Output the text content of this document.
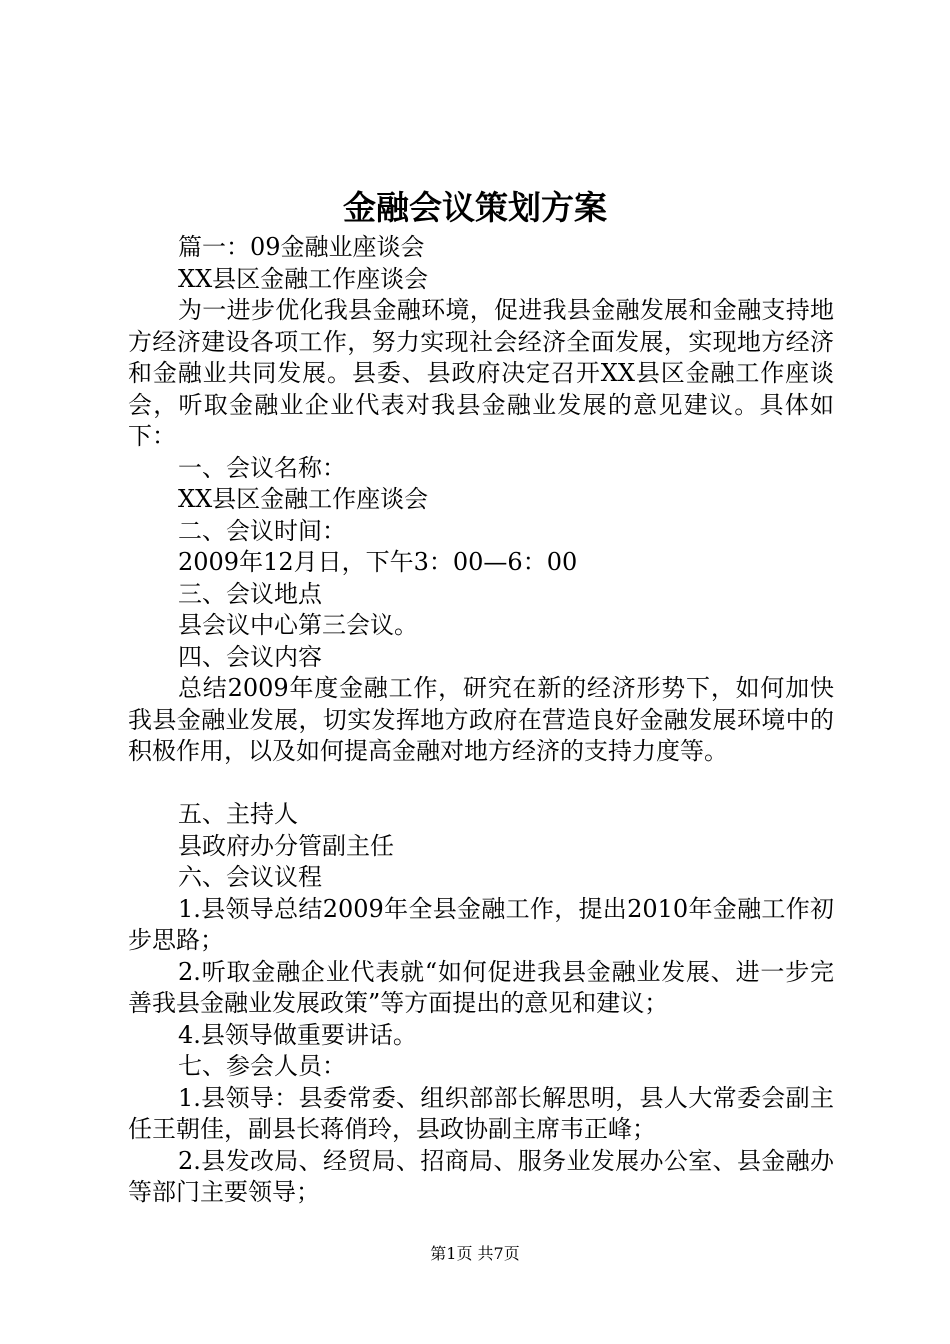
金融会议策划方案

篇一：09金融业座谈会

XX县区金融工作座谈会

为一进步优化我县金融环境，促进我县金融发展和金融支持地方经济建设各项工作，努力实现社会经济全面发展，实现地方经济和金融业共同发展。县委、县政府决定召开XX县区金融工作座谈会，听取金融业企业代表对我县金融业发展的意见建议。具体如下：

一、会议名称：

XX县区金融工作座谈会

二、会议时间：

2009年12月日，下午3：00—6：00

三、会议地点

县会议中心第三会议。

四、会议内容

总结2009年度金融工作，研究在新的经济形势下，如何加快我县金融业发展，切实发挥地方政府在营造良好金融发展环境中的积极作用，以及如何提高金融对地方经济的支持力度等。

五、主持人

县政府办分管副主任

六、会议议程

1.县领导总结2009年全县金融工作，提出2010年金融工作初步思路；

2.听取金融企业代表就“如何促进我县金融业发展、进一步完善我县金融业发展政策”等方面提出的意见和建议；

4.县领导做重要讲话。

七、参会人员：

1.县领导：县委常委、组织部部长解思明，县人大常委会副主任王朝佳，副县长蒋俏玲，县政协副主席韦正峰；

2.县发改局、经贸局、招商局、服务业发展办公室、县金融办等部门主要领导；

第1页 共7页
